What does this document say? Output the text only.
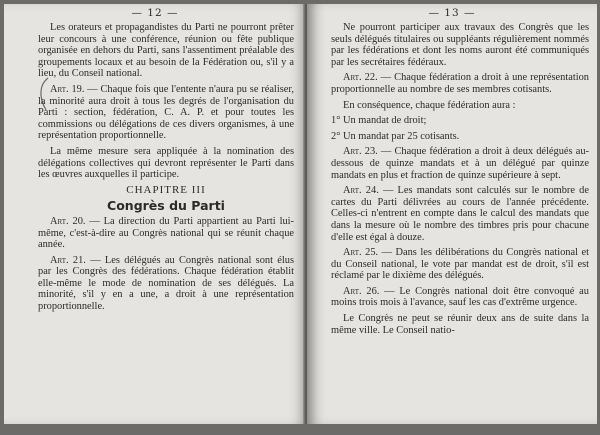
— 12 —

Les orateurs et propagandistes du Parti ne pourront prêter leur concours à une conférence, réunion ou fête publique organisée en dehors du Parti, sans l'assentiment préalable des groupements locaux et au besoin de la Fédération ou, s'il y a lieu, du Conseil national.

Art. 19. — Chaque fois que l'entente n'aura pu se réaliser, la minorité aura droit à tous les degrés de l'organisation du Parti : section, fédération, C. A. P. et pour toutes les commissions ou délégations de ces divers organismes, à une représentation proportionnelle.

La même mesure sera appliquée à la nomination des délégations collectives qui devront représenter le Parti dans les œuvres auxquelles il participe.

CHAPITRE III

Congrès du Parti

Art. 20. — La direction du Parti appartient au Parti lui-même, c'est-à-dire au Congrès national qui se réunit chaque année.

Art. 21. — Les délégués au Congrès national sont élus par les Congrès des fédérations. Chaque fédération établit elle-même le mode de nomination de ses délégués. La minorité, s'il y en a une, a droit à une représentation proportionnelle.

— 13 —

Ne pourront participer aux travaux des Congrès que les seuls délégués titulaires ou suppléants régulièrement nommés par les fédérations et dont les noms auront été communiqués par les secrétaires fédéraux.

Art. 22. — Chaque fédération a droit à une représentation proportionnelle au nombre de ses membres cotisants.

En conséquence, chaque fédération aura :

1° Un mandat de droit;

2° Un mandat par 25 cotisants.

Art. 23. — Chaque fédération a droit à deux délégués au-dessous de quinze mandats et à un délégué par quinze mandats en plus et fraction de quinze supérieure à sept.

Art. 24. — Les mandats sont calculés sur le nombre de cartes du Parti délivrées au cours de l'année précédente. Celles-ci n'entrent en compte dans le calcul des mandats que dans la mesure où le nombre des timbres pris pour chacune d'elle est égal à douze.

Art. 25. — Dans les délibérations du Congrès national et du Conseil national, le vote par mandat est de droit, s'il est réclamé par le dixième des délégués.

Art. 26. — Le Congrès national doit être convoqué au moins trois mois à l'avance, sauf les cas d'extrême urgence.

Le Congrès ne peut se réunir deux ans de suite dans la même ville. Le Conseil natio-
